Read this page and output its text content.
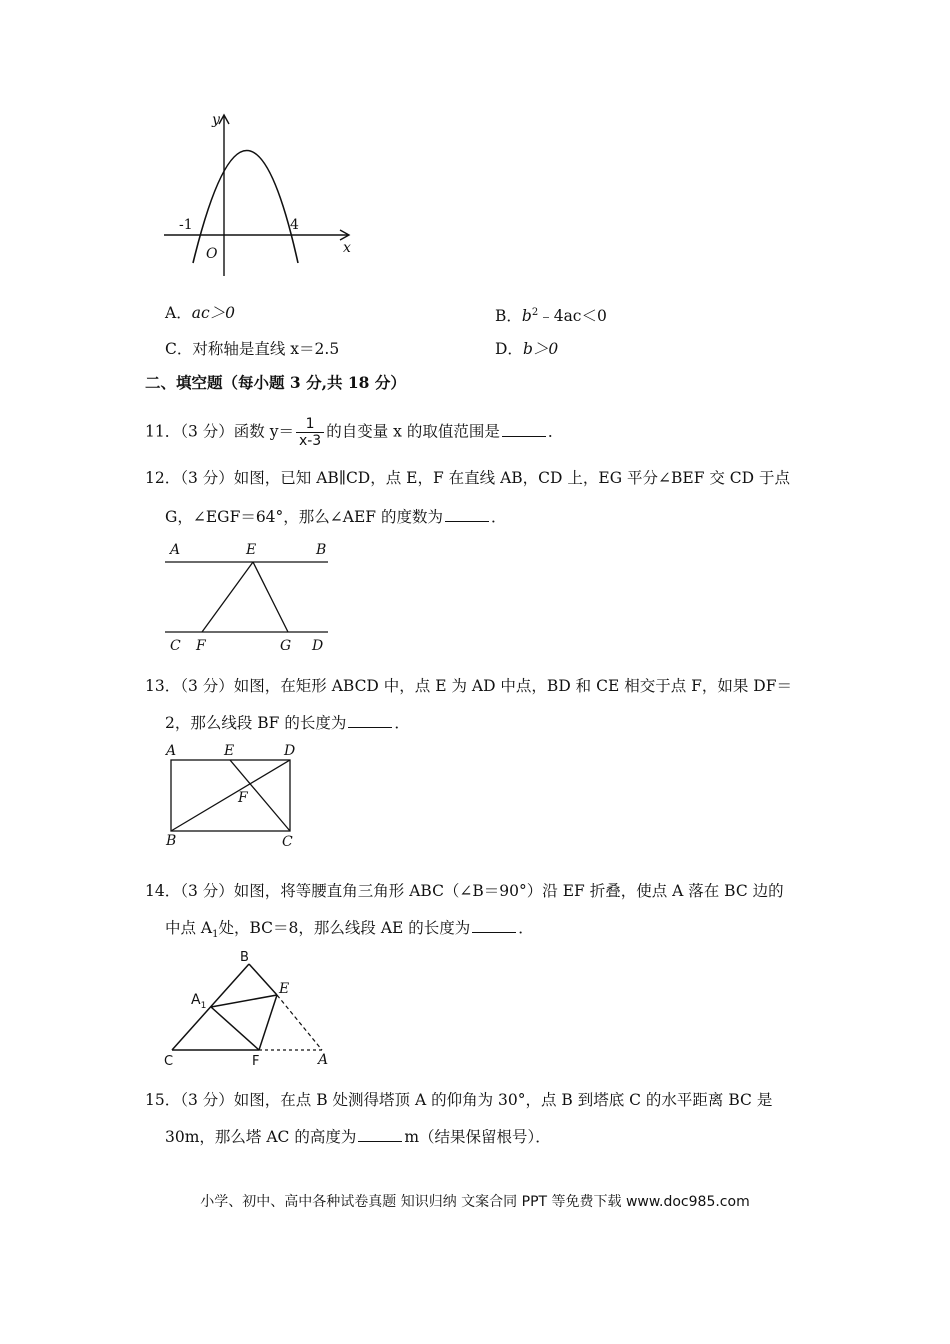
y
x
O
-1	4
A．ac＞0	B．$b^2﹣4ac<0$
C．对称轴是直线 x＝2.5	D．b＞0
二、填空题（每小题 3 分,共 18 分）
11．（3 分）函数 $y= \frac{1}{x-3}$ 的自变量 x 的取值范围是	．
12．（3 分）如图，已知 AB∥CD，点 E，F 在直线 AB，CD 上，EG 平分∠BEF 交 CD 于点
G，∠EGF＝64°，那么∠AEF 的度数为	．
A	E	B
C F	G D
13．（3 分）如图，在矩形 ABCD 中，点 E 为 AD 中点，BD 和 CE 相交于点 F，如果 DF＝
2，那么线段 BF 的长度为	．
A	E	D
F
B	C
14．（3 分）如图，将等腰直角三角形 ABC（∠B＝90°）沿 EF 折叠，使点 A 落在 BC 边的
中点 $A_1$处，BC＝8，那么线段 AE 的长度为	．
B
$A_1$
E
C	F	A
15．（3 分）如图，在点 B 处测得塔顶 A 的仰角为 30°，点 B 到塔底 C 的水平距离 BC 是
30m，那么塔 AC 的高度为	m（结果保留根号）．
小学、初中、高中各种试卷真题 知识归纳 文案合同 PPT 等免费下载 www.doc985.com
